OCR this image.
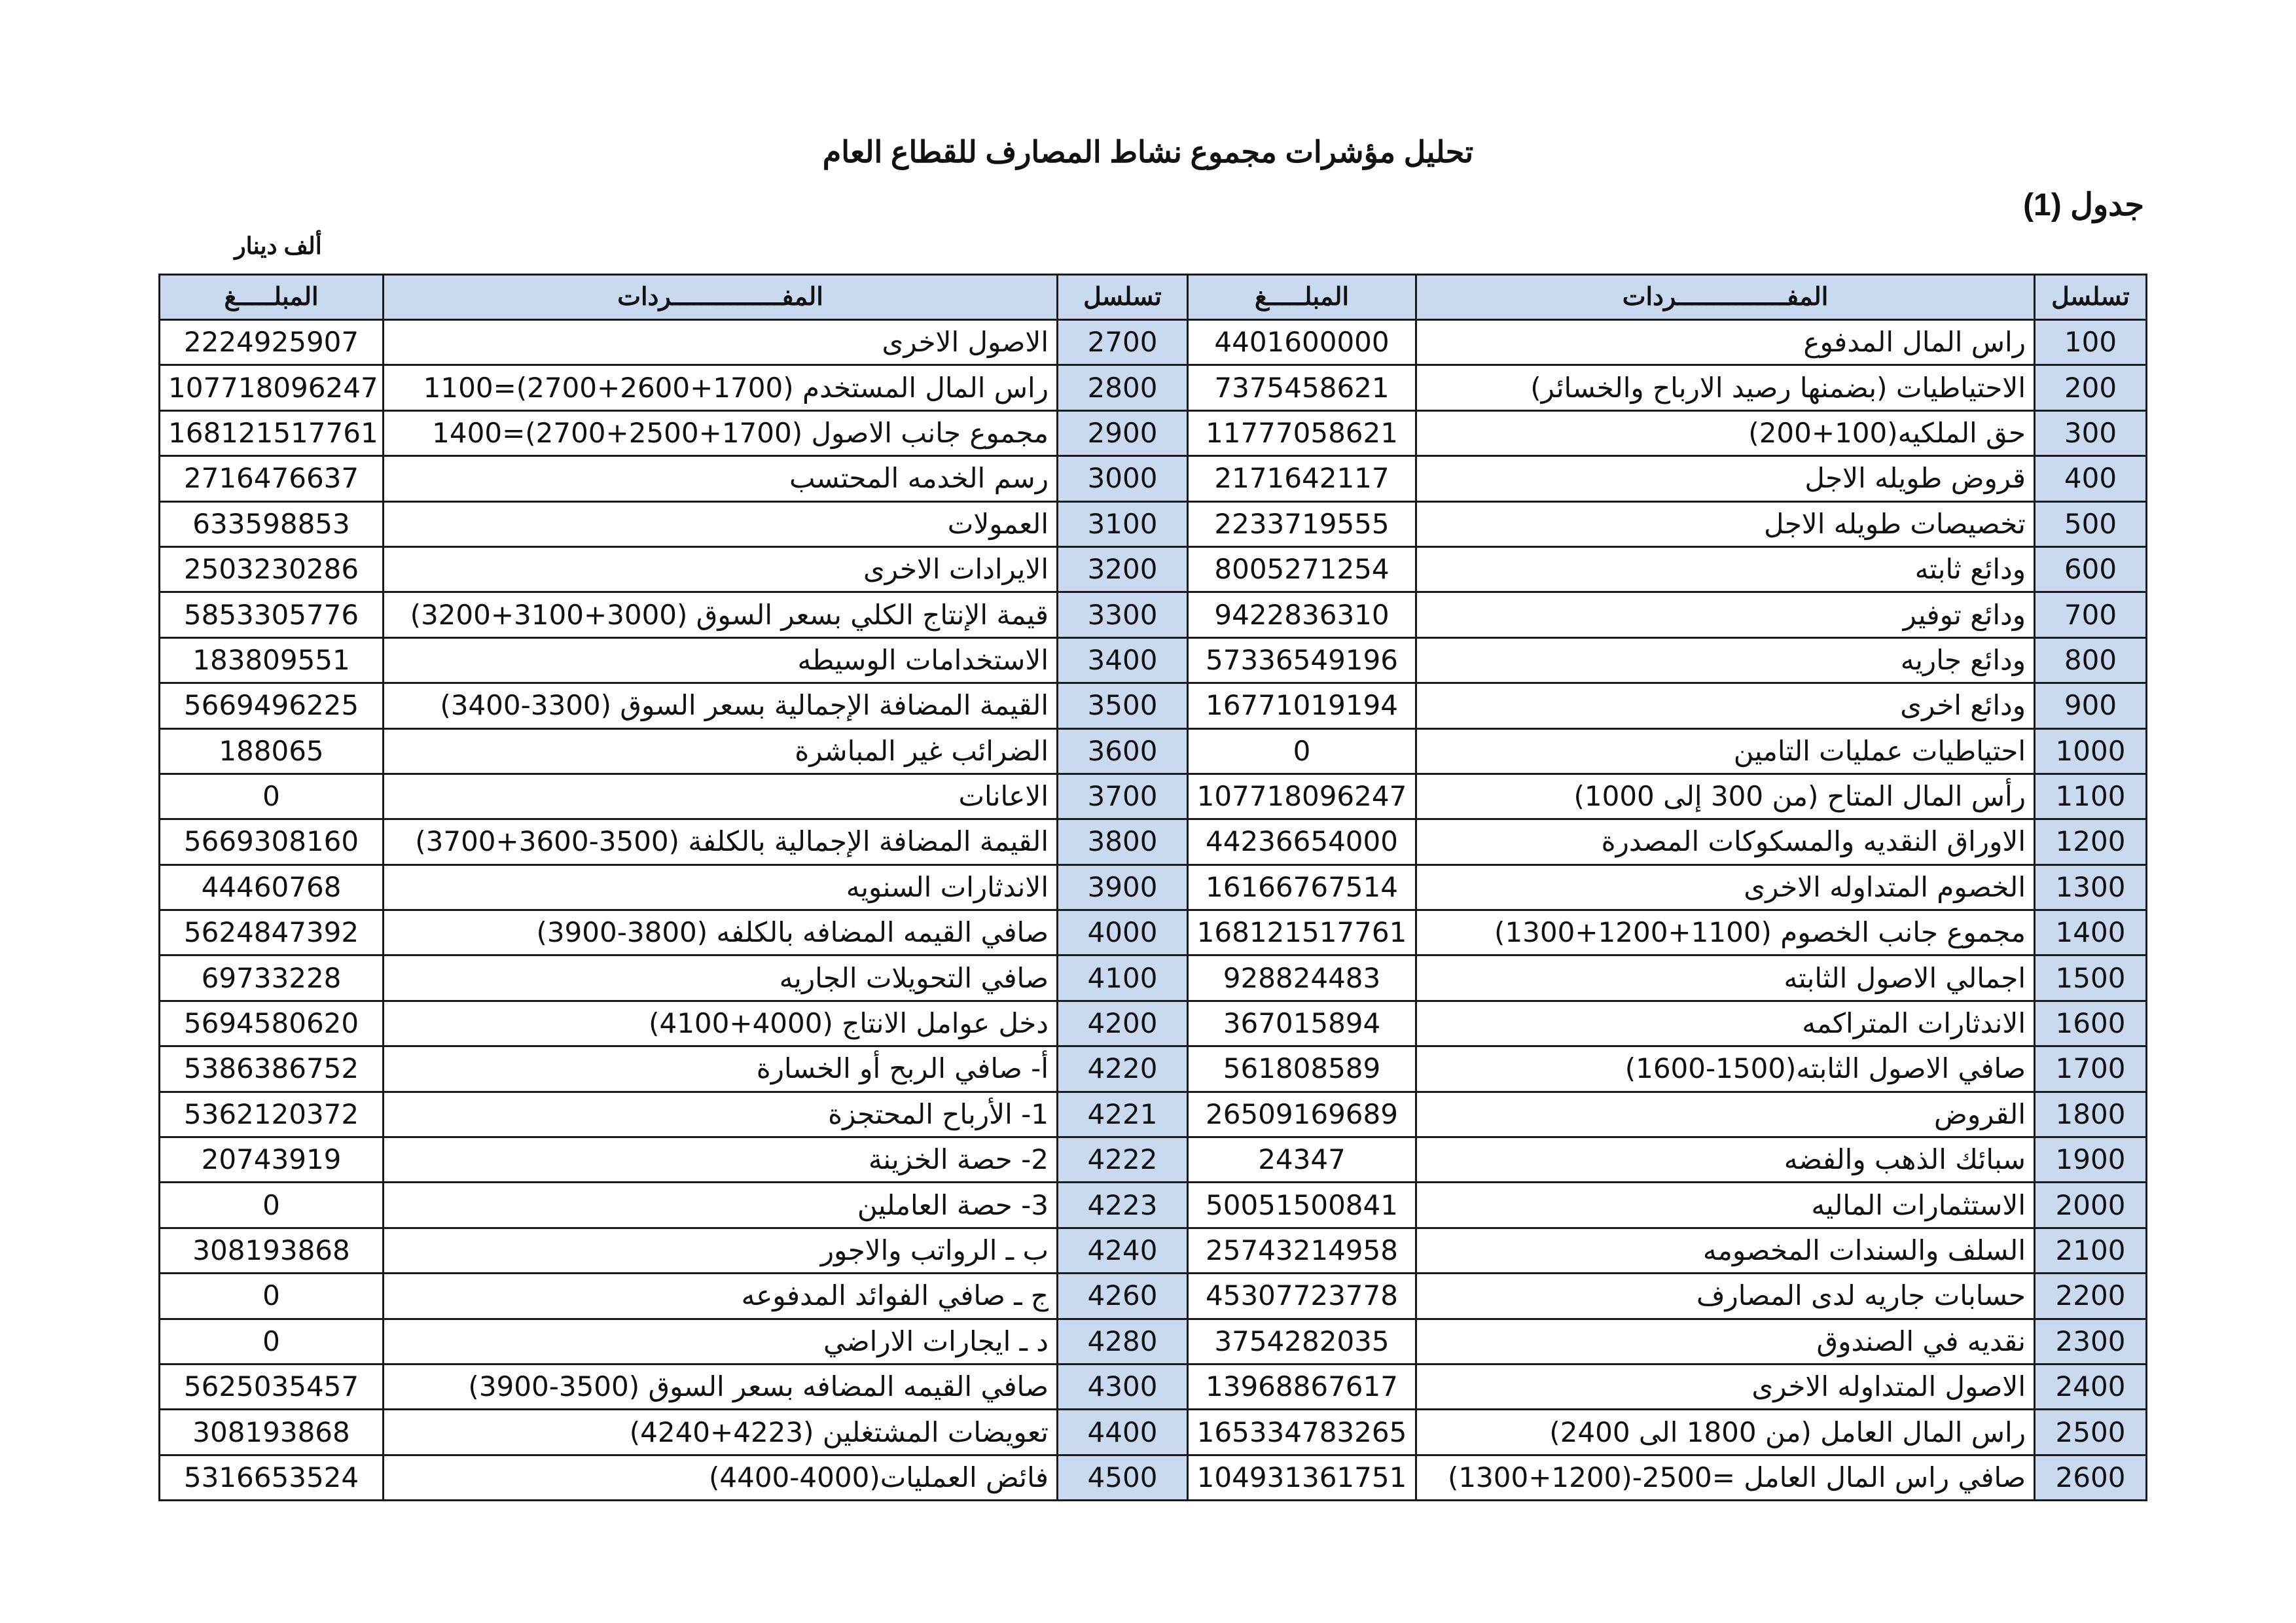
تحليل مؤشرات مجموع نشاط المصارف للقطاع العام
جدول (1)
ألف دينار
تسلسل	المفـــــــــــــــردات	المبلـــــغ	تسلسل	المفـــــــــــــــردات	المبلـــــغ
100	راس المال المدفوع	4401600000	2700	الاصول الاخرى	2224925907
200	الاحتياطيات (بضمنها رصيد الارباح والخسائر)	7375458621	2800	راس المال المستخدم (1700+2600+2700)=1100	107718096247
300	حق الملكيه(100+200)	11777058621	2900	مجموع جانب الاصول (1700+2500+2700)=1400	168121517761
400	قروض طويله الاجل	2171642117	3000	رسم الخدمه المحتسب	2716476637
500	تخصيصات طويله الاجل	2233719555	3100	العمولات	633598853
600	ودائع ثابته	8005271254	3200	الايرادات الاخرى	2503230286
700	ودائع توفير	9422836310	3300	قيمة الإنتاج الكلي بسعر السوق (3000+3100+3200)	5853305776
800	ودائع جاريه	57336549196	3400	الاستخدامات الوسيطه	183809551
900	ودائع اخرى	16771019194	3500	القيمة المضافة الإجمالية بسعر السوق (3300-3400)	5669496225
1000	احتياطيات عمليات التامين	0	3600	الضرائب غير المباشرة	188065
1100	رأس المال المتاح (من 300 إلى 1000)	107718096247	3700	الاعانات	0
1200	الاوراق النقديه والمسكوكات المصدرة	44236654000	3800	القيمة المضافة الإجمالية بالكلفة (3500-3600+3700)	5669308160
1300	الخصوم المتداوله الاخرى	16166767514	3900	الاندثارات السنويه	44460768
1400	مجموع جانب الخصوم (1100+1200+1300)	168121517761	4000	صافي القيمه المضافه بالكلفه (3800-3900)	5624847392
1500	اجمالي الاصول الثابته	928824483	4100	صافي التحويلات الجاريه	69733228
1600	الاندثارات المتراكمه	367015894	4200	دخل عوامل الانتاج (4000+4100)	5694580620
1700	صافي الاصول الثابته(1500-1600)	561808589	4220	أ- صافي الربح أو الخسارة	5386386752
1800	القروض	26509169689	4221	1- الأرباح المحتجزة	5362120372
1900	سبائك الذهب والفضه	24347	4222	2- حصة الخزينة	20743919
2000	الاستثمارات الماليه	50051500841	4223	3- حصة العاملين	0
2100	السلف والسندات المخصومه	25743214958	4240	ب ـ الرواتب والاجور	308193868
2200	حسابات جاريه لدى المصارف	45307723778	4260	ج ـ صافي الفوائد المدفوعه	0
2300	نقديه في الصندوق	3754282035	4280	د ـ ايجارات الاراضي	0
2400	الاصول المتداوله الاخرى	13968867617	4300	صافي القيمه المضافه بسعر السوق (3500-3900)	5625035457
2500	راس المال العامل (من 1800 الى 2400)	165334783265	4400	تعويضات المشتغلين (4223+4240)	308193868
2600	صافي راس المال العامل =2500-(1200+1300)	104931361751	4500	فائض العمليات(4000-4400)	5316653524
